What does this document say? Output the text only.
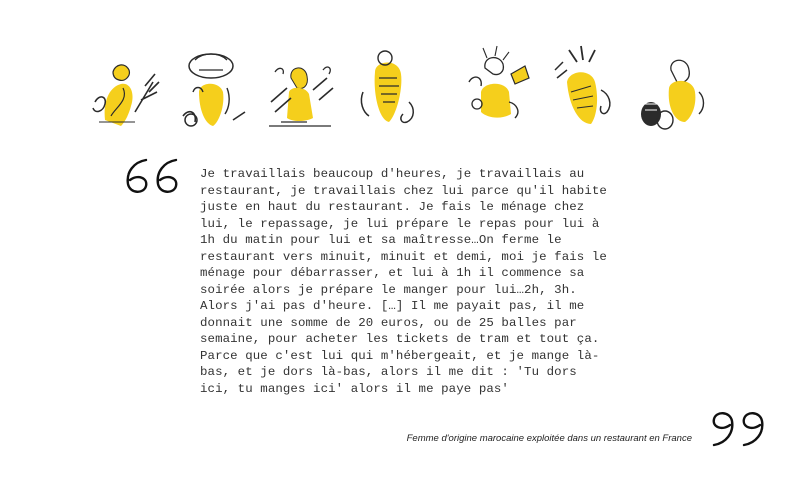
Je travaillais beaucoup d'heures, je travaillais au
restaurant, je travaillais chez lui parce qu'il habite
juste en haut du restaurant. Je fais le ménage chez
lui, le repassage, je lui prépare le repas pour lui à
1h du matin pour lui et sa maîtresse…On ferme le
restaurant vers minuit, minuit et demi, moi je fais le
ménage pour débarrasser, et lui à 1h il commence sa
soirée alors je prépare le manger pour lui…2h, 3h.
Alors j'ai pas d'heure. […] Il me payait pas, il me
donnait une somme de 20 euros, ou de 25 balles par
semaine, pour acheter les tickets de tram et tout ça.
Parce que c'est lui qui m'hébergeait, et je mange là-
bas, et je dors là-bas, alors il me dit : 'Tu dors
ici, tu manges ici' alors il me paye pas'
Femme d'origine marocaine exploitée dans un restaurant en France
